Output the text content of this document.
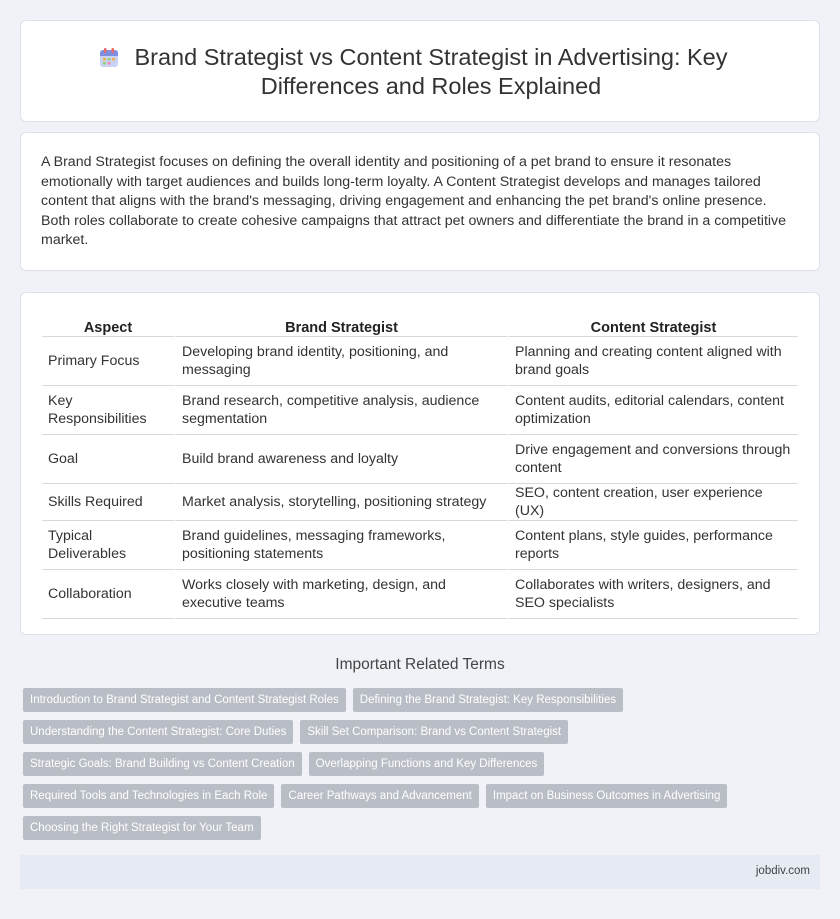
Brand Strategist vs Content Strategist in Advertising: Key Differences and Roles Explained

A Brand Strategist focuses on defining the overall identity and positioning of a pet brand to ensure it resonates emotionally with target audiences and builds long-term loyalty. A Content Strategist develops and manages tailored content that aligns with the brand's messaging, driving engagement and enhancing the pet brand's online presence. Both roles collaborate to create cohesive campaigns that attract pet owners and differentiate the brand in a competitive market.

Aspect	Brand Strategist	Content Strategist
Primary Focus	Developing brand identity, positioning, and messaging	Planning and creating content aligned with brand goals
Key Responsibilities	Brand research, competitive analysis, audience segmentation	Content audits, editorial calendars, content optimization
Goal	Build brand awareness and loyalty	Drive engagement and conversions through content
Skills Required	Market analysis, storytelling, positioning strategy	SEO, content creation, user experience (UX)
Typical Deliverables	Brand guidelines, messaging frameworks, positioning statements	Content plans, style guides, performance reports
Collaboration	Works closely with marketing, design, and executive teams	Collaborates with writers, designers, and SEO specialists
Important Related Terms
Introduction to Brand Strategist and Content Strategist Roles	Defining the Brand Strategist: Key Responsibilities
Understanding the Content Strategist: Core Duties	Skill Set Comparison: Brand vs Content Strategist
Strategic Goals: Brand Building vs Content Creation	Overlapping Functions and Key Differences
Required Tools and Technologies in Each Role	Career Pathways and Advancement	Impact on Business Outcomes in Advertising
Choosing the Right Strategist for Your Team
jobdiv.com
